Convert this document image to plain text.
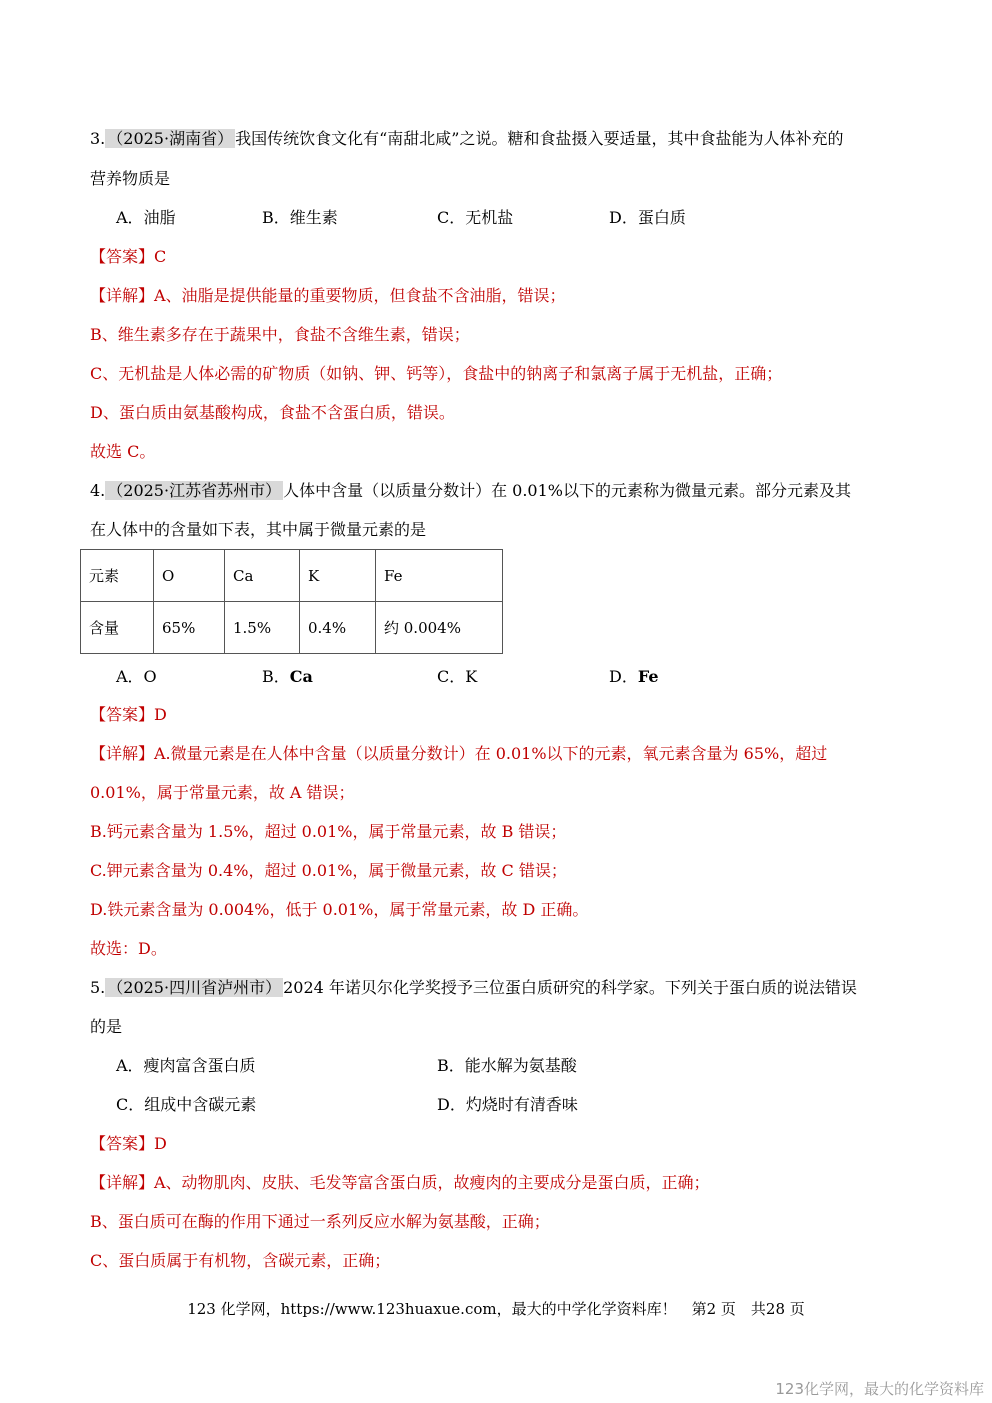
3. （2025·湖南省） 我国传统饮食文化有“南甜北咸”之说。糖和食盐摄入要适量，其中食盐能为人体补充的
营养物质是
A．油脂	B．维生素	C．无机盐	D．蛋白质
【答案】C
【详解】A、油脂是提供能量的重要物质，但食盐不含油脂，错误；
B、维生素多存在于蔬果中，食盐不含维生素，错误；
C、无机盐是人体必需的矿物质（如钠、钾、钙等），食盐中的钠离子和氯离子属于无机盐，正确；
D、蛋白质由氨基酸构成，食盐不含蛋白质，错误。
故选 C。
4. （2025·江苏省苏州市） 人体中含量（以质量分数计）在 0.01%以下的元素称为微量元素。部分元素及其
在人体中的含量如下表，其中属于微量元素的是
元素	O	Ca	K	Fe
含量	65%	1.5%	0.4%	约 0.004%
A．O	B．Ca	C．K	D．Fe
【答案】D
【详解】A.微量元素是在人体中含量（以质量分数计）在 0.01%以下的元素，氧元素含量为 65%，超过
0.01%，属于常量元素，故 A 错误；
B.钙元素含量为 1.5%，超过 0.01%，属于常量元素，故 B 错误；
C.钾元素含量为 0.4%，超过 0.01%，属于微量元素，故 C 错误；
D.铁元素含量为 0.004%，低于 0.01%，属于常量元素，故 D 正确。
故选：D。
5. （2025·四川省泸州市） 2024 年诺贝尔化学奖授予三位蛋白质研究的科学家。下列关于蛋白质的说法错误
的是
A．瘦肉富含蛋白质	B．能水解为氨基酸
C．组成中含碳元素	D．灼烧时有清香味
【答案】D
【详解】A、动物肌肉、皮肤、毛发等富含蛋白质，故瘦肉的主要成分是蛋白质，正确；
B、蛋白质可在酶的作用下通过一系列反应水解为氨基酸，正确；
C、蛋白质属于有机物，含碳元素，正确；
123 化学网，https://www.123huaxue.com，最大的中学化学资料库！　第2 页　共28 页
123化学网，最大的化学资料库
